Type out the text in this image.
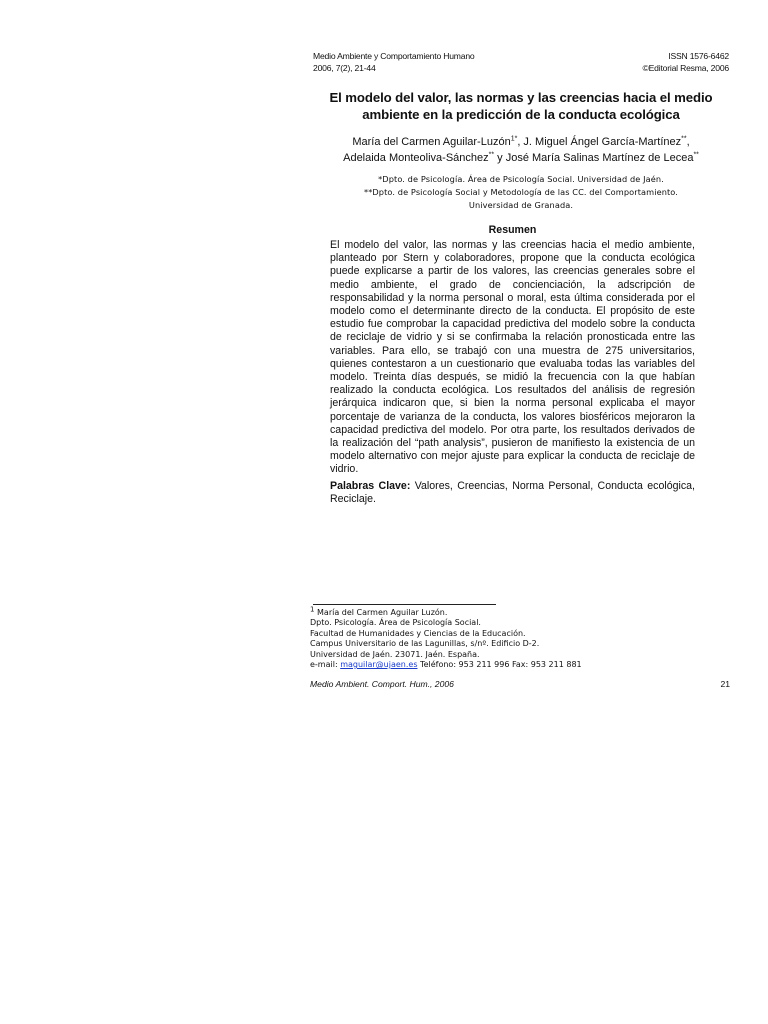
Medio Ambiente y Comportamiento Humano
2006, 7(2), 21-44
ISSN 1576-6462
©Editorial Resma, 2006
El modelo del valor, las normas y las creencias hacia el medio ambiente en la predicción de la conducta ecológica
María del Carmen Aguilar-Luzón$^{1*}$, J. Miguel Ángel García-Martínez**,
Adelaida Monteoliva-Sánchez** y José María Salinas Martínez de Lecea**
*Dpto. de Psicología. Área de Psicología Social. Universidad de Jaén.
**Dpto. de Psicología Social y Metodología de las CC. del Comportamiento.
Universidad de Granada.
Resumen
El modelo del valor, las normas y las creencias hacia el medio ambiente, planteado por Stern y colaboradores, propone que la conducta ecológica puede explicarse a partir de los valores, las creencias generales sobre el medio ambiente, el grado de concienciación, la adscripción de responsabilidad y la norma personal o moral, esta última considerada por el modelo como el determinante directo de la conducta. El propósito de este estudio fue comprobar la capacidad predictiva del modelo sobre la conducta de reciclaje de vidrio y si se confirmaba la relación pronosticada entre las variables. Para ello, se trabajó con una muestra de 275 universitarios, quienes contestaron a un cuestionario que evaluaba todas las variables del modelo. Treinta días después, se midió la frecuencia con la que habían realizado la conducta ecológica. Los resultados del análisis de regresión jerárquica indicaron que, si bien la norma personal explicaba el mayor porcentaje de varianza de la conducta, los valores biosféricos mejoraron la capacidad predictiva del modelo. Por otra parte, los resultados derivados de la realización del “path analysis”, pusieron de manifiesto la existencia de un modelo alternativo con mejor ajuste para explicar la conducta de reciclaje de vidrio.
Palabras Clave: Valores, Creencias, Norma Personal, Conducta ecológica, Reciclaje.
$^1$ María del Carmen Aguilar Luzón.
Dpto. Psicología. Área de Psicología Social.
Facultad de Humanidades y Ciencias de la Educación.
Campus Universitario de las Lagunillas, s/nº. Edificio D-2.
Universidad de Jaén. 23071. Jaén. España.
e-mail: maguilar@ujaen.es Teléfono: 953 211 996 Fax: 953 211 881
Medio Ambient. Comport. Hum., 2006	21
